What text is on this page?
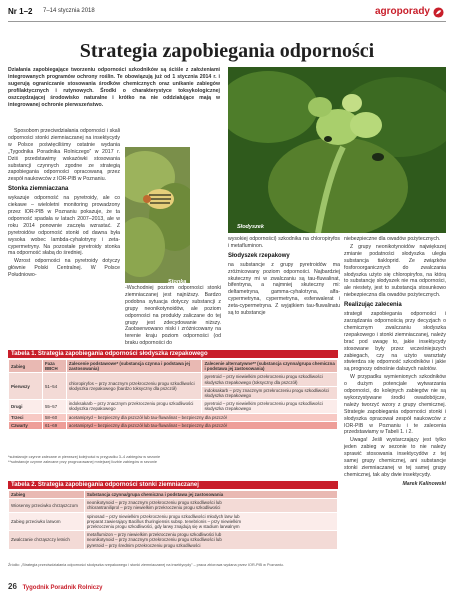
Nr 1–2 7–14 stycznia 2018	agroporady
Strategia zapobiegania odporności
Działania zapobiegające tworzeniu odporności szkodników są ściśle z założeniami integrowanych programów ochrony roślin. Te obowiązują już od 1 stycznia 2014 r. i sugerują ograniczanie stosowania środków chemicznych oraz unikanie zabiegów profilaktycznych i rutynowych. Środki o charakterystyce toksykologicznej oszczędzającej środowisko naturalne i krótko na nie oddziałujące mają w integrowanej ochronie pierwszeństwo.
Stonka
Słodyszek

Sposobom przeciwdziałania odporności i skali odporności stonki ziemniaczanej na insektycydy w Polsce poświęciliśmy ostatnie wydania „Tygodnika Poradnika Rolniczego” w 2017 r. Dziś przedstawimy wskazówki stosowania substancji czynnych zgodne ze strategią zapobiegania odporności opracowaną przez zespół naukowców z IOR-PIB w Poznaniu.

Stonka ziemniaczana

wykazuje odporność na pyretroidy, ale co ciekawe – wieloletni monitoring prowadzony przez IOR-PIB w Poznaniu pokazuje, że ta odporność spadała w latach 2007–2013, ale w roku 2014 ponownie zaczęła wzrastać. Z pyretroidów odporność stonki od dawna była wysoka wobec lambda-cyhalotryny i zeta-cypermetryny. Na pozostałe pyretroidy stonka ma odporność słabą do średniej.

Wzrost odporności na pyretroidy dotyczy głównie Polski Centralnej. W Polsce Południowo-

-Wschodniej poziom odporności stonki ziemniaczanej jest najniższy. Bardzo podobna sytuacja dotyczy substancji z grupy neonikotynoidów, ale poziom odporności na produkty zaliczane do tej grupy jest zdecydowanie niższy. Zaobserwowano niski i zróżnicowany na terenie kraju poziom odporności (od braku odporności do

wysokiej odporności) szkodnika na chloropiryfos i metafluminon.

Słodyszek rzepakowy

na substancje z grupy pyretroidów ma zróżnicowany poziom odporności. Najbardziej skuteczny mi w zwalczaniu są tau-fluwalinat, bifentryna, a najmniej skuteczny mi: deltametryna, gamma-cyhalotryna, alfa-cypermetryna, cypermetryna, esfenwalerat i zeta-cypermetryna. Z wyjątkiem tau-fluwalinatu są to substancje

niebezpieczne dla owadów pożytecznych.

Z grupy neonikotynoidów największej zmianie podatności słodyszka uległa substancja tiakloprid. Ze związków fosforoorganicznych do zwalczania słodyszka użyto się chloropiryfos, na którą to substancję słodyszek nie ma odporności, ale niestety, jest to substancja stosunkowo niebezpieczna dla owadów pożytecznych.

Realizując zalecenia

strategii zapobiegania odporności i zarządzania odpornością przy decyzjach o chemicznym zwalczaniu słodyszka rzepakowego i stonki ziemniaczanej, należy brać pod uwagę to, jakie insektycydy stosowane były przez wcześniejszych zabiegach, czy na użyto warsztaty stwierdza się odporność szkodników i jakie są prognozy odnośnie dalszych nalotów.

W przypadku wymienionych szkodników o dużym potencjale wytwarzania odporności, do kolejnych zabiegów nie są wykorzystywane środki owadobójcze, należy tworzyć wzory z grupy chemicznej. Strategie zapobiegania odporności stonki i słodyszka opracował zespół naukowców z IOR-PIB w Poznaniu i te zalecenia przedstawiamy w Tabeli 1. i 2.

Uwaga! Jeśli wystarczający jest tylko jeden zabieg w sezonie to nie należy sprawić stosowania insektycydów z tej samej grupy chemicznej, ani substancje stonki ziemniaczanej w tej samej grupy chemicznej, tak aby dwie insektycydy.

Marek Kalinowski
Tabela 1. Strategia zapobiegania odporności słodyszka rzepakowego
Zabieg	Faza BBCH	Zalecenie podstawowe* (substancja czynna i podstawa jej zastosowania)	Zalecenie alternatywne** (substancja czynna/grupa chemiczna i podstawa jej zastosowania)
Pierwszy	51–54	chloropiryfos – przy znacznym przekroczeniu progu szkodliwości słodyszka rzepakowego (bardzo toksyczny dla pszczół)	pyretroid – przy niewielkim przekroczeniu progu szkodliwości słodyszka rzepakowego (toksyczny dla pszczół)
			indoksakarb – przy znacznym przekroczeniu progu szkodliwości słodyszka rzepakowego
Drugi	55–57	indoksakarb – przy znacznym przekroczeniu progu szkodliwości słodyszka rzepakowego	pyretroid – przy niewielkim przekroczeniu progu szkodliwości słodyszka rzepakowego
Trzeci	58–60	acetamipryd – bezpieczny dla pszczół lub tau-fluwalinat – bezpieczny dla pszczół	
Czwarty	61–69	acetamipryd – bezpieczny dla pszczół lub tau-fluwalinat – bezpieczny dla pszczół	
*substancje czynne zalecane w pierwszej kolejności w przypadku 3–4 zabiegów w sezonie
**substancje czynne zalecane przy prognozowanej mniejszej liczbie zabiegów w sezonie
Tabela 2. Strategia zapobiegania odporności stonki ziemniaczanej
Zabieg	Substancja czynna/grupa chemiczna i podstawa jej zastosowania
Wiosenny przeciwko chrząszczom	neonikotynoid – przy znacznym przekroczeniu progu szkodliwości lub
chlorantraniliprol – przy niewielkim przekroczeniu progu szkodliwości

Zabieg przeciwko larwom	spinosad – przy niewielkim przekroczeniu progu szkodliwości młodych larw lub
preparat zawierający Bacillus thuringiensis subsp. tenebrionis – przy niewielkim
przekroczeniu progu szkodliwości, gdy larwy znajdują się w stadium larwalnym

Zwalczanie chrząszczy letnich	metaflumizon – przy niewielkim przekroczeniu progu szkodliwości lub
neonikotynoid – przy znacznym przekroczeniu progu szkodliwości lub
pyretroid – przy średnim przekroczeniu progu szkodliwości
Źródło: „Strategia przeciwdziałania odporności słodyszka rzepakowego i stonki ziemniaczanej na insektycydy” – praca zbiorowa wydana przez IOR-PIB w Poznaniu.
26 Tygodnik Poradnik Rolniczy
